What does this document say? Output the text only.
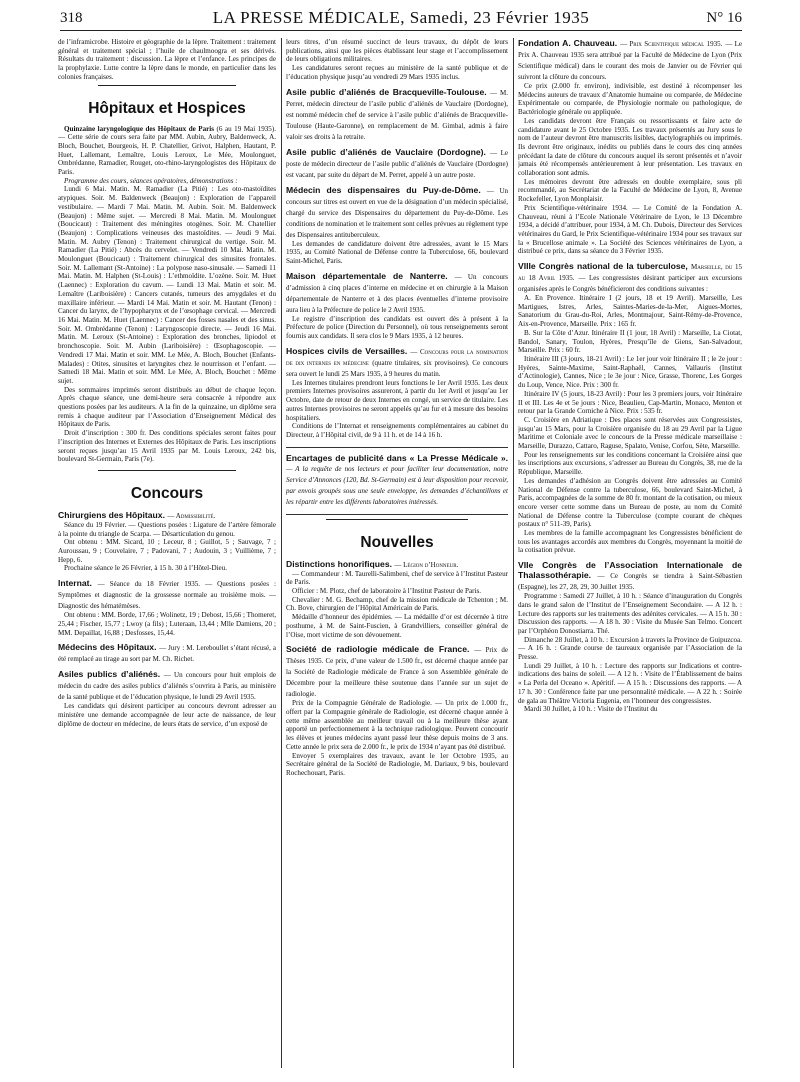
318	LA PRESSE MÉDICALE, Samedi, 23 Février 1935	N° 16

de l’inframicrobe. Histoire et géographie de la lèpre. Traitement : traitement général et traitement spécial ; l’huile de chaulmoogra et ses dérivés. Résultats du traitement : discussion. La lèpre et l’enfance. Les principes de la prophylaxie. Lutte contre la lèpre dans le monde, en particulier dans les colonies françaises.

Hôpitaux et Hospices

Quinzaine laryngologique des Hôpitaux de Paris (6 au 19 Mai 1935). — Cette série de cours sera faite par MM. Aubin, Aubry, Baldenweck, A. Bloch, Bouchet, Bourgeois, H. P. Chatellier, Grivot, Halphen, Hautant, P. Huet, Lallemant, Lemaître, Louis Leroux, Le Mée, Moulonguet, Ombrédanne, Ramadier, Rouget, oto-rhino-laryngologistes des Hôpitaux de Paris.

Programme des cours, séances opératoires, démonstrations :

Lundi 6 Mai. Matin. M. Ramadier (La Pitié) : Les oto-mastoïdites atypiques. Soir. M. Baldenweck (Beaujon) : Exploration de l’appareil vestibulaire. — Mardi 7 Mai. Matin. M. Aubin. Soir. M. Baldenweck (Beaujon) : Même sujet. — Mercredi 8 Mai. Matin. M. Moulonguet (Boucicaut) : Traitement des méningites otogènes. Soir. M. Chatellier (Beaujon) : Complications veineuses des mastoïdites. — Jeudi 9 Mai. Matin. M. Aubry (Tenon) : Traitement chirurgical du vertige. Soir. M. Ramadier (La Pitié) : Abcès du cervelet. — Vendredi 10 Mai. Matin. M. Moulonguet (Boucicaut) : Traitement chirurgical des sinusites frontales. Soir. M. Lallemant (St-Antoine) : La polypose naso-sinusale. — Samedi 11 Mai. Matin. M. Halphen (St-Louis) : L’ethmoïdite. L’ozène. Soir. M. Huet (Laennec) : Exploration du cavum. — Lundi 13 Mai. Matin et soir. M. Lemaître (Lariboisière) : Cancers cutanés, tumeurs des amygdales et du maxillaire inférieur. — Mardi 14 Mai. Matin et soir. M. Hautant (Tenon) : Cancer du larynx, de l’hypopharynx et de l’œsophage cervical. — Mercredi 16 Mai. Matin. M. Huet (Laennec) : Cancer des fosses nasales et des sinus. Soir. M. Ombrédanne (Tenon) : Laryngoscopie directe. — Jeudi 16 Mai. Matin. M. Leroux (St-Antoine) : Exploration des bronches, lipiodol et bronchoscopie. Soir. M. Aubin (Lariboisière) : Œsophagoscopie. — Vendredi 17 Mai. Matin et soir. MM. Le Mée, A. Bloch, Bouchet (Enfants-Malades) : Otites, sinusites et laryngites chez le nourrisson et l’enfant. — Samedi 18 Mai. Matin et soir. MM. Le Mée, A. Bloch, Bouchet : Même sujet.

Des sommaires imprimés seront distribués au début de chaque leçon. Après chaque séance, une demi-heure sera consacrée à répondre aux questions posées par les auditeurs. A la fin de la quinzaine, un diplôme sera remis à chaque auditeur par l’Association d’Enseignement Médical des Hôpitaux de Paris.

Droit d’inscription : 300 fr. Des conditions spéciales seront faites pour l’inscription des Internes et Externes des Hôpitaux de Paris. Les inscriptions seront reçues jusqu’au 15 Avril 1935 par M. Louis Leroux, 242 bis, boulevard St-Germain, Paris (7e).

Concours
Chirurgiens des Hôpitaux. — Admissibilité.

Séance du 19 Février. — Questions posées : Ligature de l’artère fémorale à la pointe du triangle de Scarpa. — Désarticulation du genou.

Ont obtenu : MM. Sicard, 10 ; Leceur, 8 ; Guillot, 5 ; Sauvage, 7 ; Auroussau, 9 ; Couvelaire, 7 ; Padovani, 7 ; Audouin, 3 ; Vuillième, 7 ; Hepp, 6.

Prochaine séance le 26 Février, à 15 h. 30 à l’Hôtel-Dieu.

Internat. — Séance du 18 Février 1935. — Questions posées : Symptômes et diagnostic de la grossesse normale au troisième mois. — Diagnostic des hématémèses.

Ont obtenu : MM. Borde, 17,66 ; Wolinetz, 19 ; Debost, 15,66 ; Thomeret, 25,44 ; Fischer, 15,77 ; Lwoy (a fils) ; Luteraan, 13,44 ; Mlle Damiens, 20 ; MM. Depaillat, 16,88 ; Desfosses, 15,44.

Médecins des Hôpitaux. — Jury : M. Lereboullet s’étant récusé, a été remplacé au tirage au sort par M. Ch. Richet.
Asiles publics d’aliénés. — Un concours pour huit emplois de médecin du cadre des asiles publics d’aliénés s’ouvrira à Paris, au ministère de la santé publique et de l’éducation physique, le lundi 29 Avril 1935.

Les candidats qui désirent participer au concours devront adresser au ministère une demande accompagnée de leur acte de naissance, de leur diplôme de docteur en médecine, de leurs états de service, d’un exposé de

leurs titres, d’un résumé succinct de leurs travaux, du dépôt de leurs publications, ainsi que les pièces établissant leur stage et l’accomplissement de leurs obligations militaires.

Les candidatures seront reçues au ministère de la santé publique et de l’éducation physique jusqu’au vendredi 29 Mars 1935 inclus.

Asile public d’aliénés de Bracqueville-Toulouse. — M. Perret, médecin directeur de l’asile public d’aliénés de Vauclaire (Dordogne), est nommé médecin chef de service à l’asile public d’aliénés de Bracqueville-Toulouse (Haute-Garonne), en remplacement de M. Gimbal, admis à faire valoir ses droits à la retraite.
Asile public d’aliénés de Vauclaire (Dordogne). — Le poste de médecin directeur de l’asile public d’aliénés de Vauclaire (Dordogne) est vacant, par suite du départ de M. Perret, appelé à un autre poste.
Médecin des dispensaires du Puy-de-Dôme. — Un concours sur titres est ouvert en vue de la désignation d’un médecin spécialisé, chargé du service des Dispensaires du département du Puy-de-Dôme. Les conditions de nomination et le traitement sont celles prévues au règlement type des Dispensaires antituberculeux.

Les demandes de candidature doivent être adressées, avant le 15 Mars 1935, au Comité National de Défense contre la Tuberculose, 66, boulevard Saint-Michel, Paris.

Maison départementale de Nanterre. — Un concours d’admission à cinq places d’interne en médecine et en chirurgie à la Maison départementale de Nanterre et à des places éventuelles d’interne provisoire aura lieu à la Préfecture de police le 2 Avril 1935.

Le registre d’inscription des candidats est ouvert dès à présent à la Préfecture de police (Direction du Personnel), où tous renseignements seront fournis aux candidats. Il sera clos le 9 Mars 1935, à 12 heures.

Hospices civils de Versailles. — Concours pour la nomination de dix internes en médecine (quatre titulaires, six provisoires). Ce concours sera ouvert le lundi 25 Mars 1935, à 9 heures du matin.

Les Internes titulaires prendront leurs fonctions le 1er Avril 1935. Les deux premiers Internes provisoires assureront, à partir du 1er Avril et jusqu’au 1er Octobre, date de retour de deux Internes en congé, un service de titulaire. Les autres Internes provisoires ne seront appelés qu’au fur et à mesure des besoins hospitaliers.

Conditions de l’Internat et renseignements complémentaires au cabinet du Directeur, à l’Hôpital civil, de 9 à 11 h. et de 14 à 16 h.

Encartages de publicité dans « La Presse Médicale ». — A la requête de nos lecteurs et pour faciliter leur documentation, notre Service d’Annonces (120, Bd. St-Germain) est à leur disposition pour recevoir, par envois groupés sous une seule enveloppe, les demandes d’échantillons et les répartir entre les différents laboratoires intéressés.
Nouvelles
Distinctions honorifiques. — Légion d’Honneur.

— Commandeur : M. Taurelli-Salimbeni, chef de service à l’Institut Pasteur de Paris.

Officier : M. Plotz, chef de laboratoire à l’Institut Pasteur de Paris.

Chevalier : M. G. Bechamp, chef de la mission médicale de Tchenton ; M. Ch. Bove, chirurgien de l’Hôpital Américain de Paris.

Médaille d’honneur des épidémies. — La médaille d’or est décernée à titre posthume, à M. de Saint-Fuscien, à Grandvilliers, conseiller général de l’Oise, mort victime de son dévouement.

Société de radiologie médicale de France. — Prix de Thèses 1935. Ce prix, d’une valeur de 1.500 fr., est décerné chaque année par la Société de Radiologie médicale de France à son Assemblée générale de Décembre pour la meilleure thèse soutenue dans l’année sur un sujet de radiologie.

Prix de la Compagnie Générale de Radiologie. — Un prix de 1.000 fr., offert par la Compagnie générale de Radiologie, est décerné chaque année à cette même assemblée au meilleur travail ou à la meilleure thèse ayant apporté un perfectionnement à la technique radiologique. Peuvent concourir les élèves et jeunes médecins ayant passé leur thèse depuis moins de 3 ans. Cette année le prix sera de 2.000 fr., le prix de 1934 n’ayant pas été distribué.

Envoyer 5 exemplaires des travaux, avant le 1er Octobre 1935, au Secrétaire général de la Société de Radiologie, M. Dariaux, 9 bis, boulevard Rochechouart, Paris.

Fondation A. Chauveau. — Prix Scientifique médical 1935. — Le Prix A. Chauveau 1935 sera attribué par la Faculté de Médecine de Lyon (Prix Scientifique médical) dans le courant des mois de Janvier ou de Février qui suivront la clôture du concours.

Ce prix (2.000 fr. environ), indivisible, est destiné à récompenser les Médecins auteurs de travaux d’Anatomie humaine ou comparée, de Médecine Expérimentale ou comparée, de Physiologie normale ou pathologique, de Bactériologie générale ou appliquée.

Les candidats devront être Français ou ressortissants et faire acte de candidature avant le 25 Octobre 1935. Les travaux présentés au Jury sous le nom de l’auteur devront être manuscrits lisibles, dactylographiés ou imprimés. Ils devront être originaux, inédits ou publiés dans le cours des cinq années précédant la date de clôture du concours auquel ils seront présentés et n’avoir jamais été récompensés antérieurement à leur présentation. Les travaux en collaboration sont admis.

Les mémoires devront être adressés en double exemplaire, sous pli recommandé, au Secrétariat de la Faculté de Médecine de Lyon, 8, Avenue Rockefeller, Lyon Monplaisir.

Prix Scientifique-vétérinaire 1934. — Le Comité de la Fondation A. Chauveau, réuni à l’Ecole Nationale Vétérinaire de Lyon, le 13 Décembre 1934, a décidé d’attribuer, pour 1934, à M. Ch. Dubois, Directeur des Services vétérinaires du Gard, le Prix Scientifique-vétérinaire 1934 pour ses travaux sur la « Brucellose animale ». La Société des Sciences vétérinaires de Lyon, a distribué ce prix, dans sa séance du 3 Février 1935.

VIIIe Congrès national de la tuberculose, Marseille, du 15 au 18 Avril 1935. — Les congressistes désirant participer aux excursions organisées après le Congrès bénéficieront des conditions suivantes :

A. En Provence. Itinéraire I (2 jours, 18 et 19 Avril). Marseille, Les Martigues, Istres, Arles, Saintes-Maries-de-la-Mer, Aigues-Mortes, Sanatorium du Grau-du-Roi, Arles, Montmajour, Saint-Rémy-de-Provence, Aix-en-Provence, Marseille. Prix : 165 fr.

B. Sur la Côte d’Azur. Itinéraire II (1 jour, 18 Avril) : Marseille, La Ciotat, Bandol, Sanary, Toulon, Hyères, Presqu’île de Giens, San-Salvadour, Marseille. Prix : 60 fr.

Itinéraire III (3 jours, 18-21 Avril) : Le 1er jour voir Itinéraire II ; le 2e jour : Hyères, Sainte-Maxime, Saint-Raphaël, Cannes, Vallauris (Institut d’Actinologie), Cannes, Nice ; le 3e jour : Nice, Grasse, Thorenc, Les Gorges du Loup, Vence, Nice. Prix : 300 fr.

Itinéraire IV (5 jours, 18-23 Avril) : Pour les 3 premiers jours, voir Itinéraire II et III. Les 4e et 5e jours : Nice, Beaulieu, Cap-Martin, Monaco, Menton et retour par la Grande Corniche à Nice. Prix : 535 fr.

C. Croisière en Adriatique : Des places sont réservées aux Congressistes, jusqu’au 15 Mars, pour la Croisière organisée du 18 au 29 Avril par la Ligue Maritime et Coloniale avec le concours de la Presse médicale marseillaise : Marseille, Durazzo, Cattaro, Raguse, Spalato, Venise, Corfou, Sète, Marseille.

Pour les renseignements sur les conditions concernant la Croisière ainsi que les inscriptions aux excursions, s’adresser au Bureau du Congrès, 38, rue de la République, Marseille.

Les demandes d’adhésion au Congrès doivent être adressées au Comité National de Défense contre la tuberculose, 66, boulevard Saint-Michel, à Paris, accompagnées de la somme de 80 fr. montant de la cotisation, ou mieux encore verser cette somme dans un Bureau de poste, au nom du Comité National de Défense contre la Tuberculose (compte courant de chèques postaux n° 511-39, Paris).

Les membres de la famille accompagnant les Congressistes bénéficient de tous les avantages accordés aux membres du Congrès, moyennant la moitié de la cotisation prévue.

VIIe Congrès de l’Association Internationale de Thalassothérapie. — Ce Congrès se tiendra à Saint-Sébastien (Espagne), les 27, 28, 29, 30 Juillet 1935.

Programme : Samedi 27 Juillet, à 10 h. : Séance d’inauguration du Congrès dans le grand salon de l’Institut de l’Enseignement Secondaire. — A 12 h. : Lecture des rapports sur les traitements des adénites cervicales. — A 15 h. 30 : Discussion des rapports. — A 18 h. 30 : Visite du Musée San Telmo. Concert par l’Orphéon Donostiarra. Thé.

Dimanche 28 Juillet, à 10 h. : Excursion à travers la Province de Guipuzcoa. — A 16 h. : Grande course de taureaux organisée par l’Association de la Presse.

Lundi 29 Juillet, à 10 h. : Lecture des rapports sur Indications et contre-indications des bains de soleil. — A 12 h. : Visite de l’Établissement de bains « La Perla del Oceano ». Apéritif. — A 15 h. : Discussions des rapports. — A 17 h. 30 : Conférence faite par une personnalité médicale. — A 22 h. : Soirée de gala au Théâtre Victoria Eugenia, en l’honneur des congressistes.

Mardi 30 Juillet, à 10 h. : Visite de l’Institut du
